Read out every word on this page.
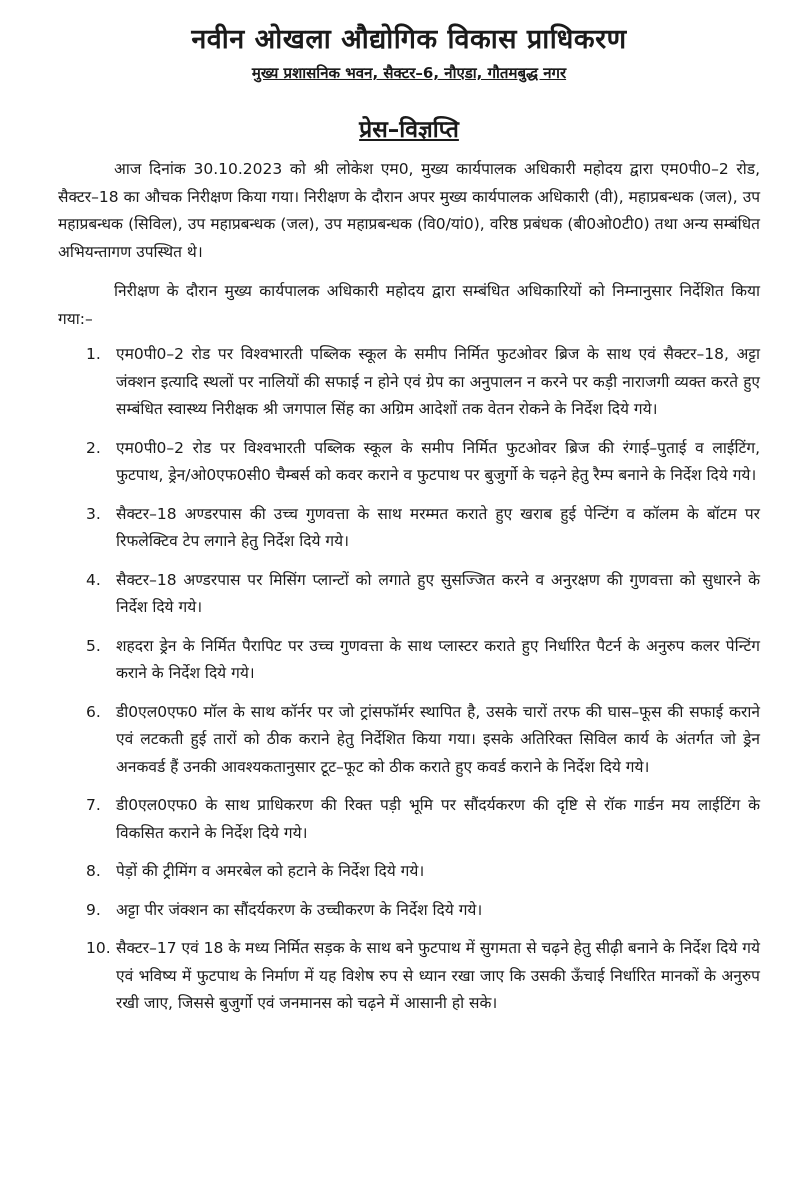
नवीन ओखला औद्योगिक विकास प्राधिकरण
मुख्य प्रशासनिक भवन, सैक्टर–6, नौएडा, गौतमबुद्ध नगर
प्रेस–विज्ञप्ति

आज दिनांक 30.10.2023 को श्री लोकेश एम0, मुख्य कार्यपालक अधिकारी महोदय द्वारा एम0पी0–2 रोड, सैक्टर–18 का औचक निरीक्षण किया गया। निरीक्षण के दौरान अपर मुख्य कार्यपालक अधिकारी (वी), महाप्रबन्धक (जल), उप महाप्रबन्धक (सिविल), उप महाप्रबन्धक (जल), उप महाप्रबन्धक (वि0/यां0), वरिष्ठ प्रबंधक (बी0ओ0टी0) तथा अन्य सम्बंधित अभियन्तागण उपस्थित थे।

निरीक्षण के दौरान मुख्य कार्यपालक अधिकारी महोदय द्वारा सम्बंधित अधिकारियों को निम्नानुसार निर्देशित किया गया:–

1. एम0पी0–2 रोड पर विश्वभारती पब्लिक स्कूल के समीप निर्मित फुटओवर ब्रिज के साथ एवं सैक्टर–18, अट्टा जंक्शन इत्यादि स्थलों पर नालियों की सफाई न होने एवं ग्रेप का अनुपालन न करने पर कड़ी नाराजगी व्यक्त करते हुए सम्बंधित स्वास्थ्य निरीक्षक श्री जगपाल सिंह का अग्रिम आदेशों तक वेतन रोकने के निर्देश दिये गये।
2. एम0पी0–2 रोड पर विश्वभारती पब्लिक स्कूल के समीप निर्मित फुटओवर ब्रिज की रंगाई–पुताई व लाईटिंग, फुटपाथ, ड्रेन/ओ0एफ0सी0 चैम्बर्स को कवर कराने व फुटपाथ पर बुजुर्गो के चढ़ने हेतु रैम्प बनाने के निर्देश दिये गये।
3. सैक्टर–18 अण्डरपास की उच्च गुणवत्ता के साथ मरम्मत कराते हुए खराब हुई पेन्टिंग व कॉलम के बॉटम पर रिफलेक्टिव टेप लगाने हेतु निर्देश दिये गये।
4. सैक्टर–18 अण्डरपास पर मिसिंग प्लान्टों को लगाते हुए सुसज्जित करने व अनुरक्षण की गुणवत्ता को सुधारने के निर्देश दिये गये।
5. शहदरा ड्रेन के निर्मित पैरापिट पर उच्च गुणवत्ता के साथ प्लास्टर कराते हुए निर्धारित पैटर्न के अनुरुप कलर पेन्टिंग कराने के निर्देश दिये गये।
6. डी0एल0एफ0 मॉल के साथ कॉर्नर पर जो ट्रांसफॉर्मर स्थापित है, उसके चारों तरफ की घास–फूस की सफाई कराने एवं लटकती हुई तारों को ठीक कराने हेतु निर्देशित किया गया। इसके अतिरिक्त सिविल कार्य के अंतर्गत जो ड्रेन अनकवर्ड हैं उनकी आवश्यकतानुसार टूट–फूट को ठीक कराते हुए कवर्ड कराने के निर्देश दिये गये।
7. डी0एल0एफ0 के साथ प्राधिकरण की रिक्त पड़ी भूमि पर सौंदर्यकरण की दृष्टि से रॉक गार्डन मय लाईटिंग के विकसित कराने के निर्देश दिये गये।
8. पेड़ों की ट्रीमिंग व अमरबेल को हटाने के निर्देश दिये गये।
9. अट्टा पीर जंक्शन का सौंदर्यकरण के उच्चीकरण के निर्देश दिये गये।
10. सैक्टर–17 एवं 18 के मध्य निर्मित सड़क के साथ बने फुटपाथ में सुगमता से चढ़ने हेतु सीढ़ी बनाने के निर्देश दिये गये एवं भविष्य में फुटपाथ के निर्माण में यह विशेष रुप से ध्यान रखा जाए कि उसकी ऊँचाई निर्धारित मानकों के अनुरुप रखी जाए, जिससे बुजुर्गो एवं जनमानस को चढ़ने में आसानी हो सके।
